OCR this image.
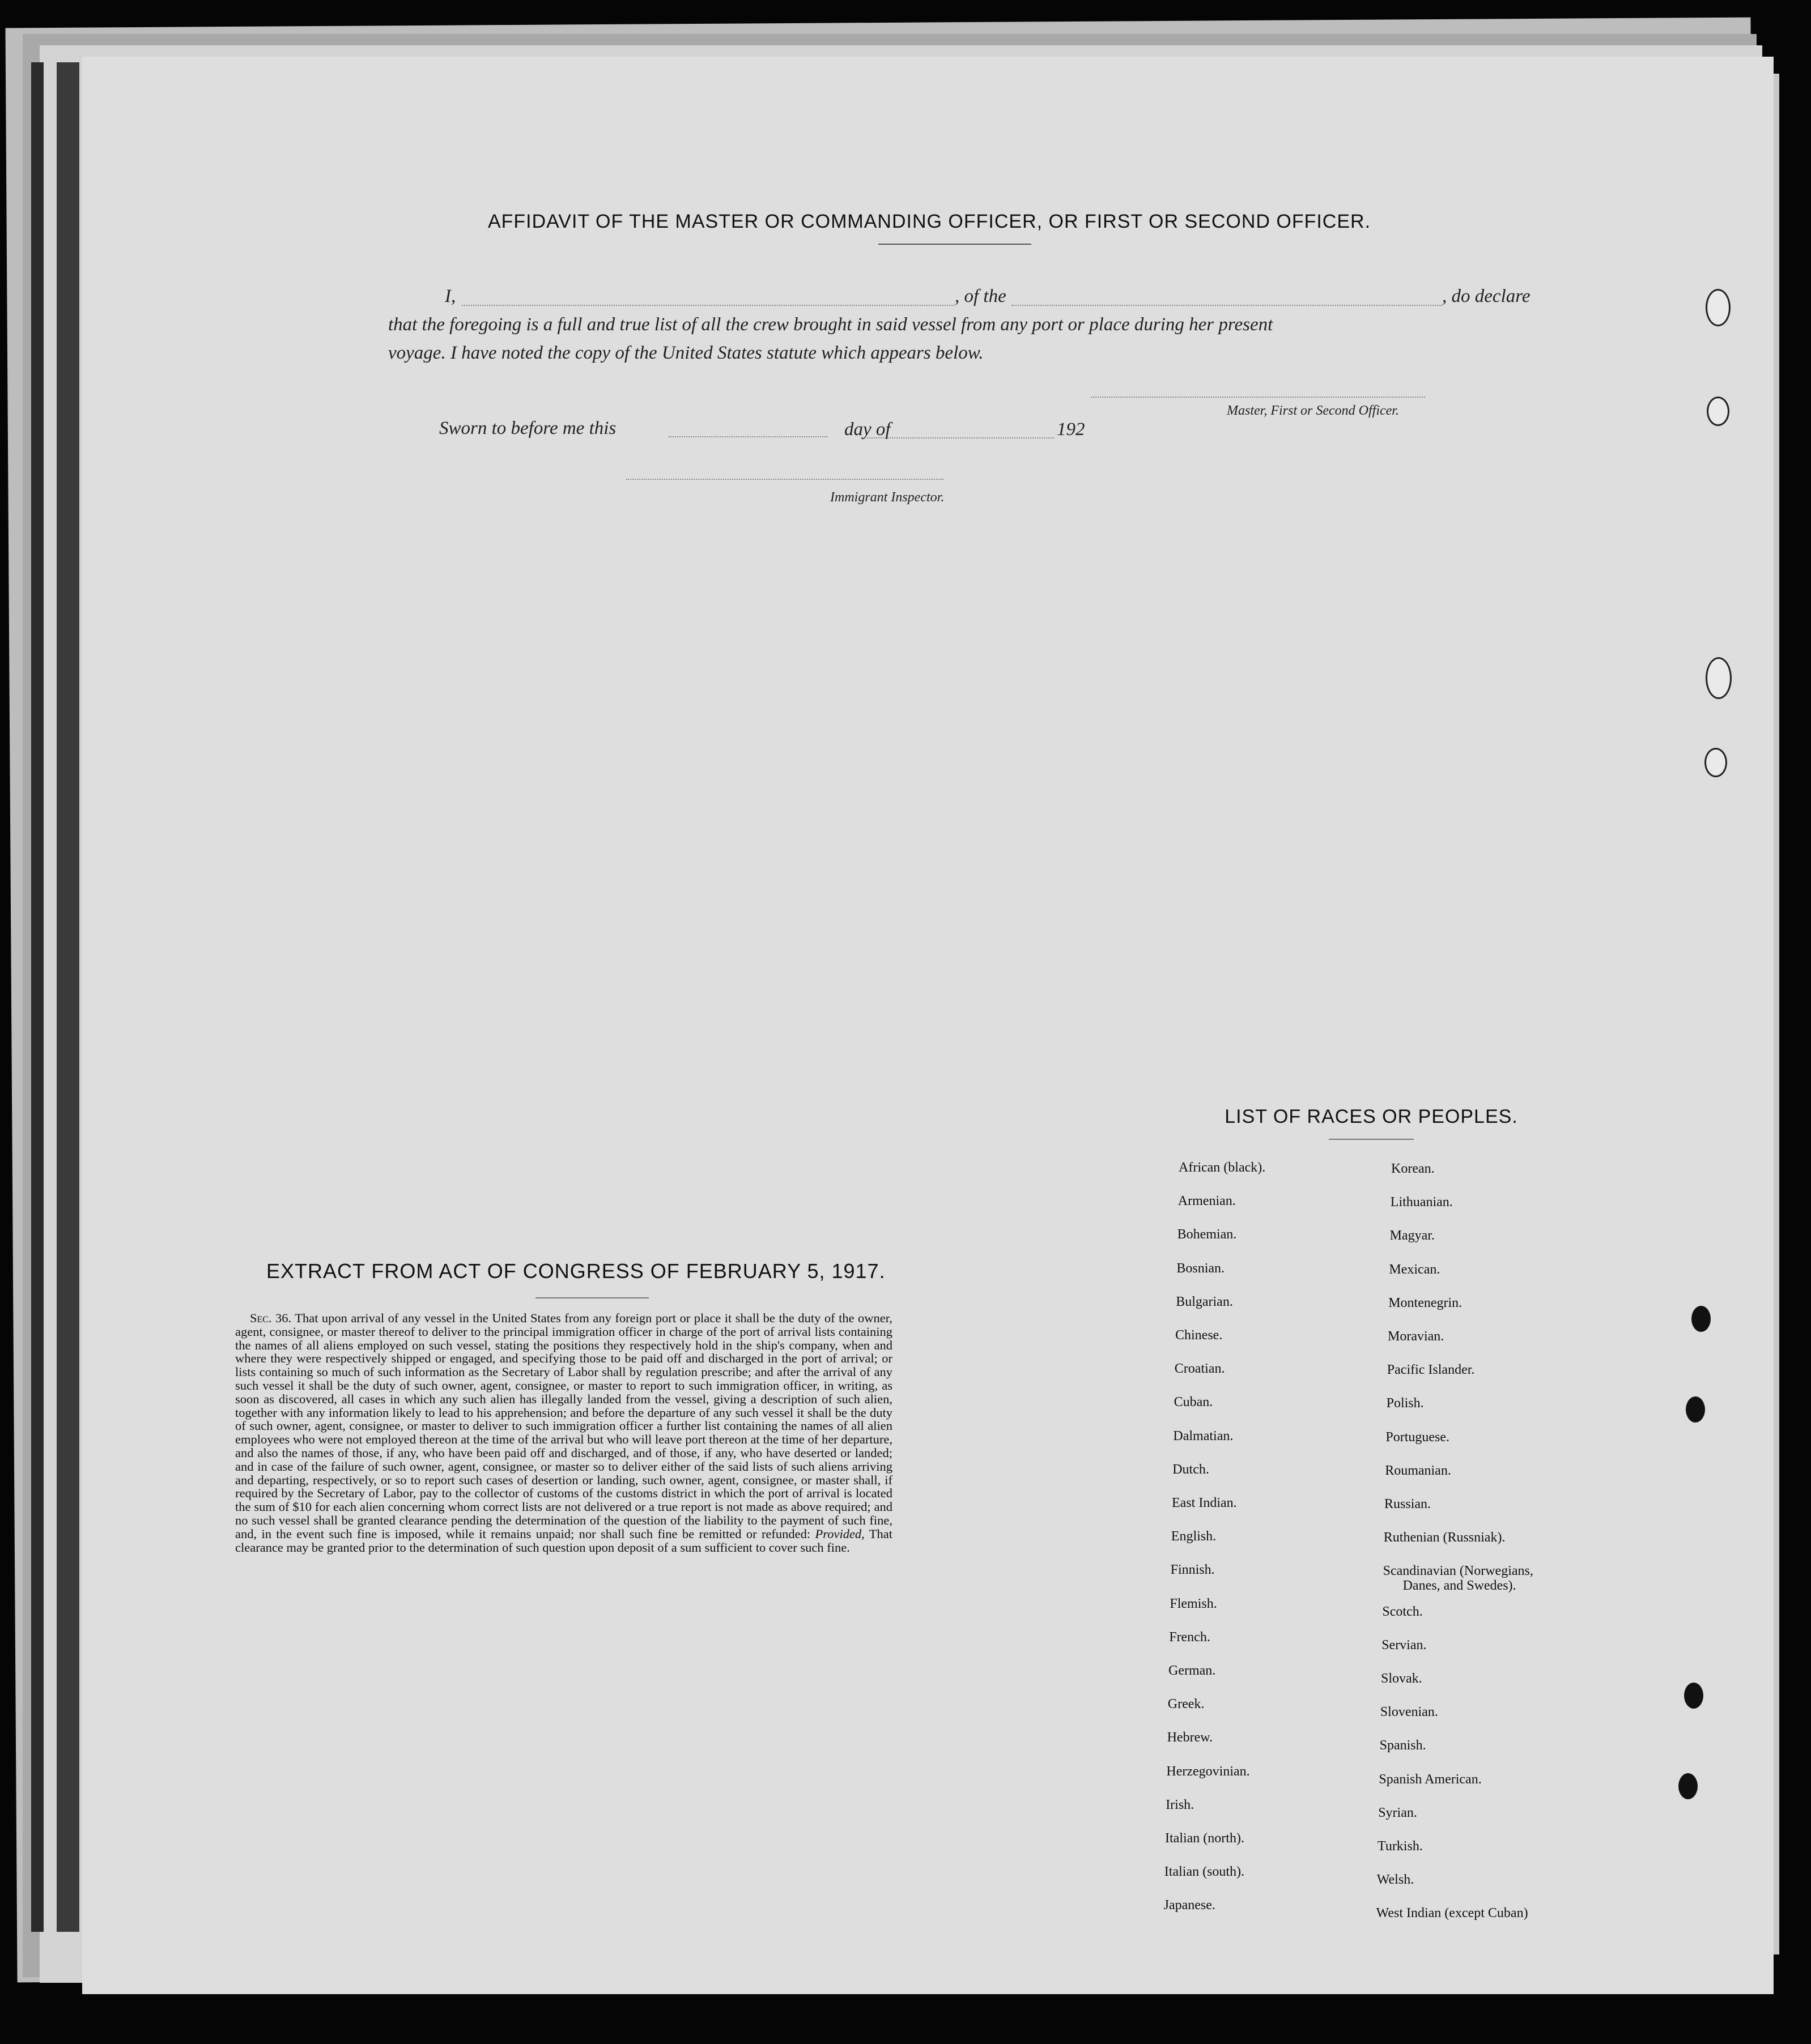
AFFIDAVIT OF THE MASTER OR COMMANDING OFFICER, OR FIRST OR SECOND OFFICER.
I,	, of the	, do declare
that the foregoing is a full and true list of all the crew brought in said vessel from any port or place during her present
voyage. I have noted the copy of the United States statute which appears below.
Master, First or Second Officer.
Sworn to before me this	day of	192
Immigrant Inspector.
EXTRACT FROM ACT OF CONGRESS OF FEBRUARY 5, 1917.
Sec. 36. That upon arrival of any vessel in the United States from any foreign port or place it shall be the duty of the owner, agent, consignee, or master thereof to deliver to the principal immigration officer in charge of the port of arrival lists containing the names of all aliens employed on such vessel, stating the positions they respectively hold in the ship's company, when and where they were respectively shipped or engaged, and specifying those to be paid off and discharged in the port of arrival; or lists containing so much of such information as the Secretary of Labor shall by regulation prescribe; and after the arrival of any such vessel it shall be the duty of such owner, agent, consignee, or master to report to such immigration officer, in writing, as soon as discovered, all cases in which any such alien has illegally landed from the vessel, giving a description of such alien, together with any information likely to lead to his apprehension; and before the departure of any such vessel it shall be the duty of such owner, agent, consignee, or master to deliver to such immigration officer a further list containing the names of all alien employees who were not employed thereon at the time of the arrival but who will leave port thereon at the time of her departure, and also the names of those, if any, who have been paid off and discharged, and of those, if any, who have deserted or landed; and in case of the failure of such owner, agent, consignee, or master so to deliver either of the said lists of such aliens arriving and departing, respectively, or so to report such cases of desertion or landing, such owner, agent, consignee, or master shall, if required by the Secretary of Labor, pay to the collector of customs of the customs district in which the port of arrival is located the sum of $10 for each alien concerning whom correct lists are not delivered or a true report is not made as above required; and no such vessel shall be granted clearance pending the determination of the question of the liability to the payment of such fine, and, in the event such fine is imposed, while it remains unpaid; nor shall such fine be remitted or refunded: Provided, That clearance may be granted prior to the determination of such question upon deposit of a sum sufficient to cover such fine.
LIST OF RACES OR PEOPLES.
African (black).
Armenian.
Bohemian.
Bosnian.
Bulgarian.
Chinese.
Croatian.
Cuban.
Dalmatian.
Dutch.
East Indian.
English.
Finnish.
Flemish.
French.
German.
Greek.
Hebrew.
Herzegovinian.
Irish.
Italian (north).
Italian (south).
Japanese.
Korean.
Lithuanian.
Magyar.
Mexican.
Montenegrin.
Moravian.
Pacific Islander.
Polish.
Portuguese.
Roumanian.
Russian.
Ruthenian (Russniak).
Scandinavian (Norwegians,
Danes, and Swedes).
Scotch.
Servian.
Slovak.
Slovenian.
Spanish.
Spanish American.
Syrian.
Turkish.
Welsh.
West Indian (except Cuban)
